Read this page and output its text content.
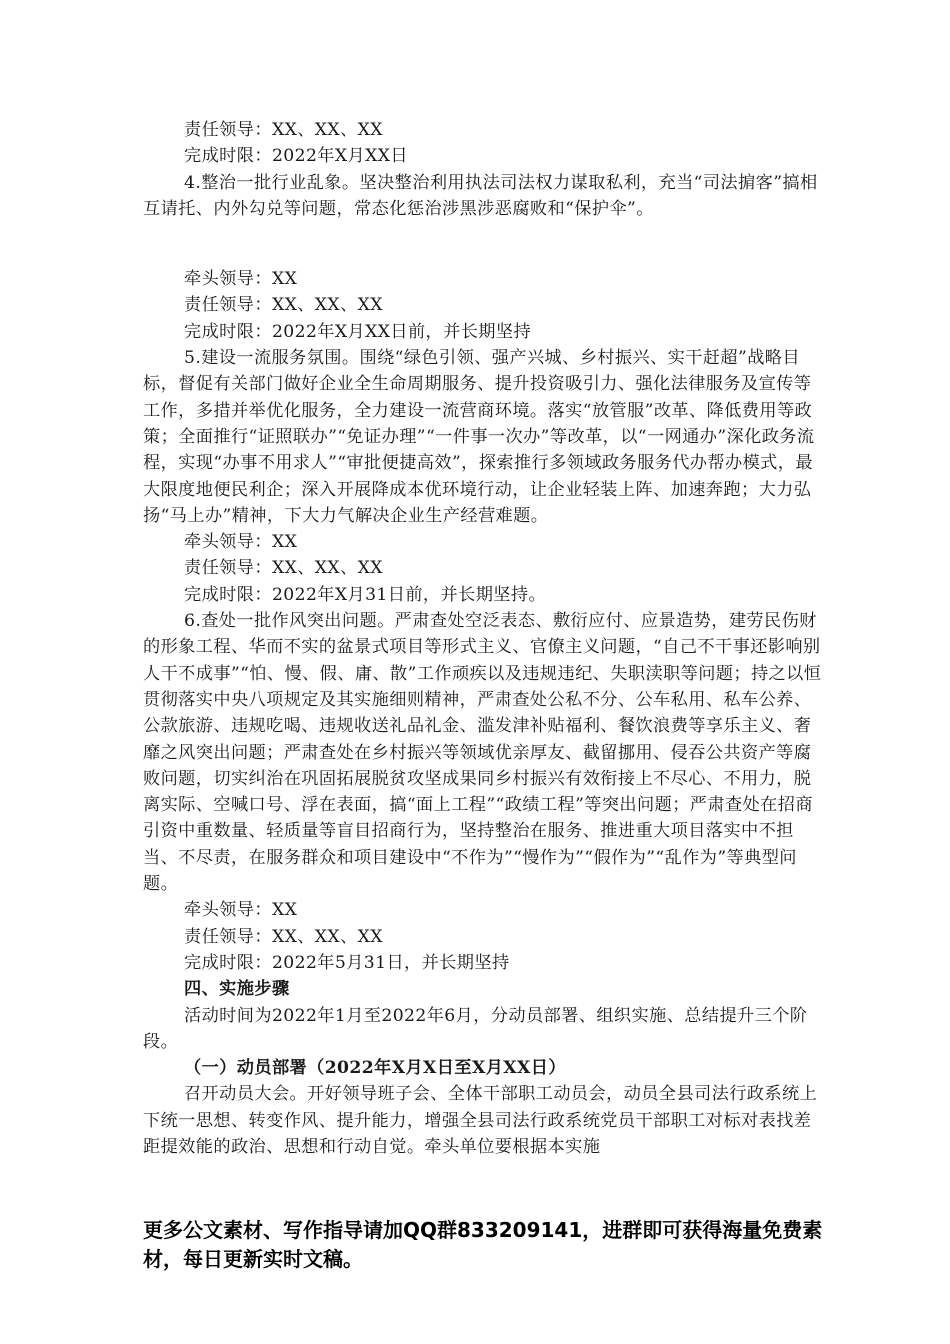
责任领导：XX、XX、XX

完成时限：2022年X月XX日

4.整治一批行业乱象。坚决整治利用执法司法权力谋取私利，充当“司法掮客”搞相互请托、内外勾兑等问题，常态化惩治涉黑涉恶腐败和“保护伞”。

牵头领导：XX

责任领导：XX、XX、XX

完成时限：2022年X月XX日前，并长期坚持

5.建设一流服务氛围。围绕“绿色引领、强产兴城、乡村振兴、实干赶超”战略目标，督促有关部门做好企业全生命周期服务、提升投资吸引力、强化法律服务及宣传等工作，多措并举优化服务，全力建设一流营商环境。落实“放管服”改革、降低费用等政策；全面推行“证照联办”“免证办理”“一件事一次办”等改革，以“一网通办”深化政务流程，实现“办事不用求人”“审批便捷高效”，探索推行多领域政务服务代办帮办模式，最大限度地便民利企；深入开展降成本优环境行动，让企业轻装上阵、加速奔跑；大力弘扬“马上办”精神，下大力气解决企业生产经营难题。

牵头领导：XX

责任领导：XX、XX、XX

完成时限：2022年X月31日前，并长期坚持。

6.查处一批作风突出问题。严肃查处空泛表态、敷衍应付、应景造势，建劳民伤财的形象工程、华而不实的盆景式项目等形式主义、官僚主义问题，“自己不干事还影响别人干不成事”“怕、慢、假、庸、散”工作顽疾以及违规违纪、失职渎职等问题；持之以恒贯彻落实中央八项规定及其实施细则精神，严肃查处公私不分、公车私用、私车公养、公款旅游、违规吃喝、违规收送礼品礼金、滥发津补贴福利、餐饮浪费等享乐主义、奢靡之风突出问题；严肃查处在乡村振兴等领域优亲厚友、截留挪用、侵吞公共资产等腐败问题，切实纠治在巩固拓展脱贫攻坚成果同乡村振兴有效衔接上不尽心、不用力，脱离实际、空喊口号、浮在表面，搞“面上工程”“政绩工程”等突出问题；严肃查处在招商引资中重数量、轻质量等盲目招商行为，坚持整治在服务、推进重大项目落实中不担当、不尽责，在服务群众和项目建设中“不作为”“慢作为”“假作为”“乱作为”等典型问题。

牵头领导：XX

责任领导：XX、XX、XX

完成时限：2022年5月31日，并长期坚持

四、实施步骤

活动时间为2022年1月至2022年6月，分动员部署、组织实施、总结提升三个阶段。

（一）动员部署（2022年X月X日至X月XX日）

召开动员大会。开好领导班子会、全体干部职工动员会，动员全县司法行政系统上下统一思想、转变作风、提升能力，增强全县司法行政系统党员干部职工对标对表找差距提效能的政治、思想和行动自觉。牵头单位要根据本实施

更多公文素材、写作指导请加QQ群833209141，进群即可获得海量免费素材，每日更新实时文稿。
